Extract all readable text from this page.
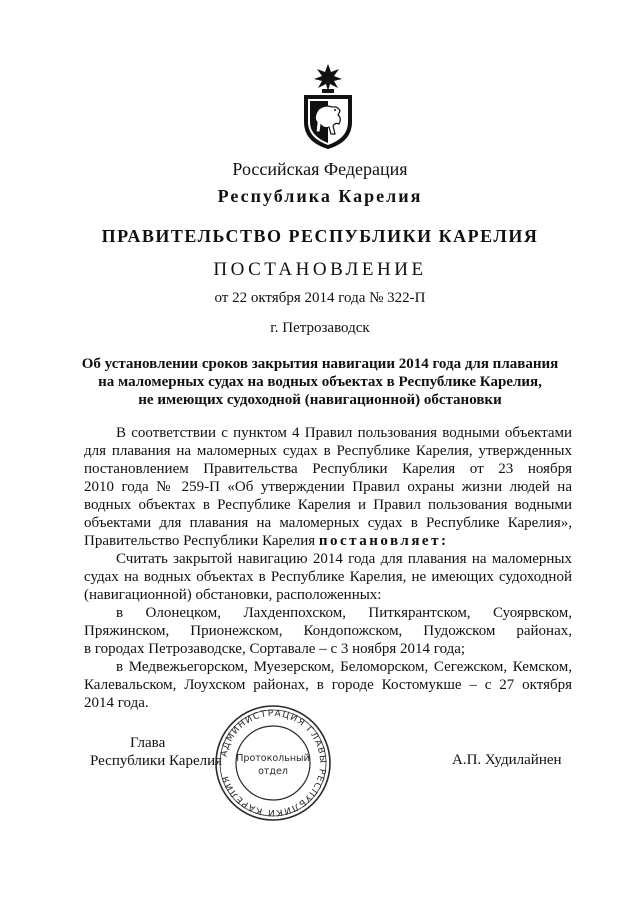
Российская Федерация
Республика Карелия
ПРАВИТЕЛЬСТВО РЕСПУБЛИКИ КАРЕЛИЯ
ПОСТАНОВЛЕНИЕ
от 22 октября 2014 года № 322-П
г. Петрозаводск
Об установлении сроков закрытия навигации 2014 года для плавания
на маломерных судах на водных объектах в Республике Карелия,
не имеющих судоходной (навигационной) обстановки
В соответствии с пунктом 4 Правил пользования водными объектами
для плавания на маломерных судах в Республике Карелия, утвержденных
постановлением Правительства Республики Карелия от 23 ноября
2010 года № 259-П «Об утверждении Правил охраны жизни людей на
водных объектах в Республике Карелия и Правил пользования водными
объектами для плавания на маломерных судах в Республике Карелия»,
Правительство Республики Карелия постановляет:
Считать закрытой навигацию 2014 года для плавания на маломерных
судах на водных объектах в Республике Карелия, не имеющих судоходной
(навигационной) обстановки, расположенных:
в Олонецком, Лахденпохском, Питкярантском, Суоярвском,
Пряжинском, Прионежском, Кондопожском, Пудожском районах,
в городах Петрозаводске, Сортавале – с 3 ноября 2014 года;
в Медвежьегорском, Муезерском, Беломорском, Сегежском, Кемском,
Калевальском, Лоухском районах, в городе Костомукше – с 27 октября
2014 года.
Глава
Республики Карелия	А.П. Худилайнен
АДМИНИСТРАЦИЯ ГЛАВЫ РЕСПУБЛИКИ КАРЕЛИЯ
Протокольный
отдел
